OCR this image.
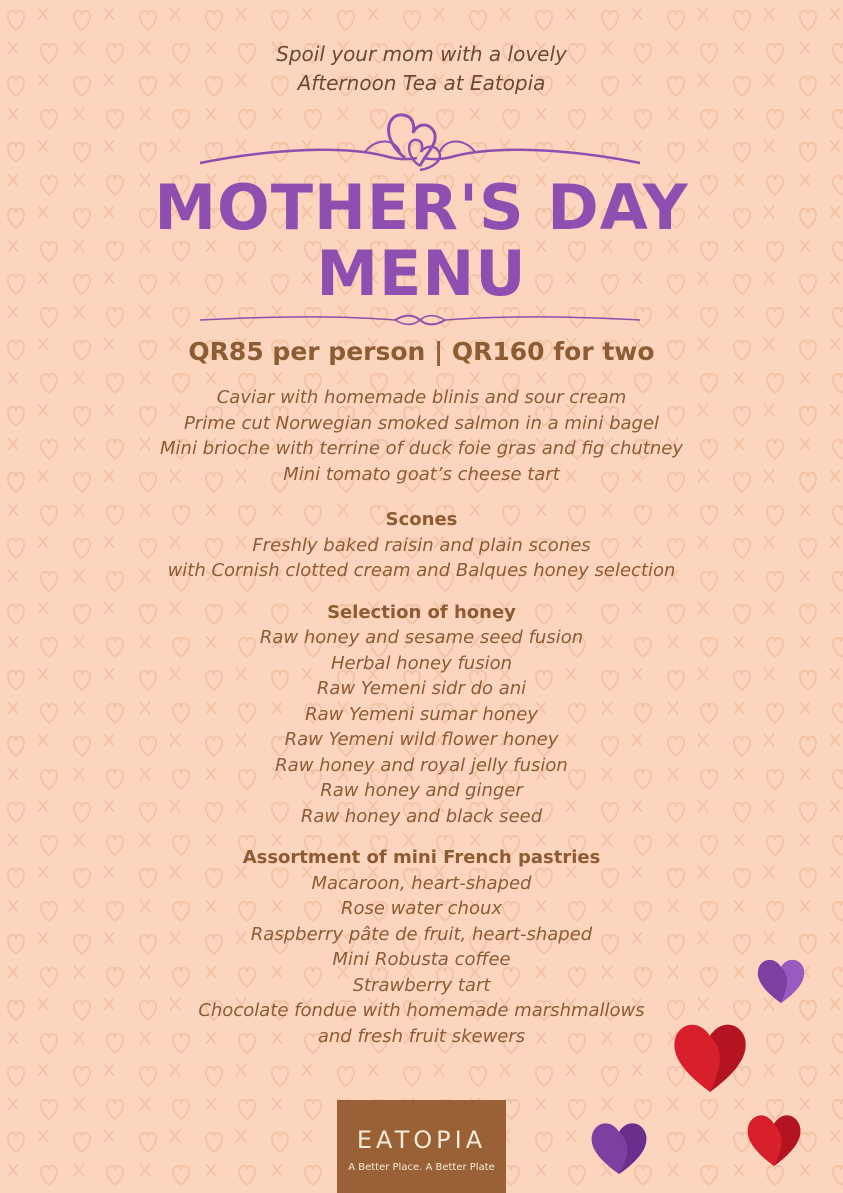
Spoil your mom with a lovely
Afternoon Tea at Eatopia
MOTHER'S DAY
MENU
QR85 per person | QR160 for two
Caviar with homemade blinis and sour cream
Prime cut Norwegian smoked salmon in a mini bagel
Mini brioche with terrine of duck foie gras and fig chutney
Mini tomato goat’s cheese tart
Scones
Freshly baked raisin and plain scones
with Cornish clotted cream and Balques honey selection
Selection of honey
Raw honey and sesame seed fusion
Herbal honey fusion
Raw Yemeni sidr do ani
Raw Yemeni sumar honey
Raw Yemeni wild flower honey
Raw honey and royal jelly fusion
Raw honey and ginger
Raw honey and black seed
Assortment of mini French pastries
Macaroon, heart-shaped
Rose water choux
Raspberry pâte de fruit, heart-shaped
Mini Robusta coffee
Strawberry tart
Chocolate fondue with homemade marshmallows
and fresh fruit skewers
EATOPIA
A Better Place. A Better Plate
